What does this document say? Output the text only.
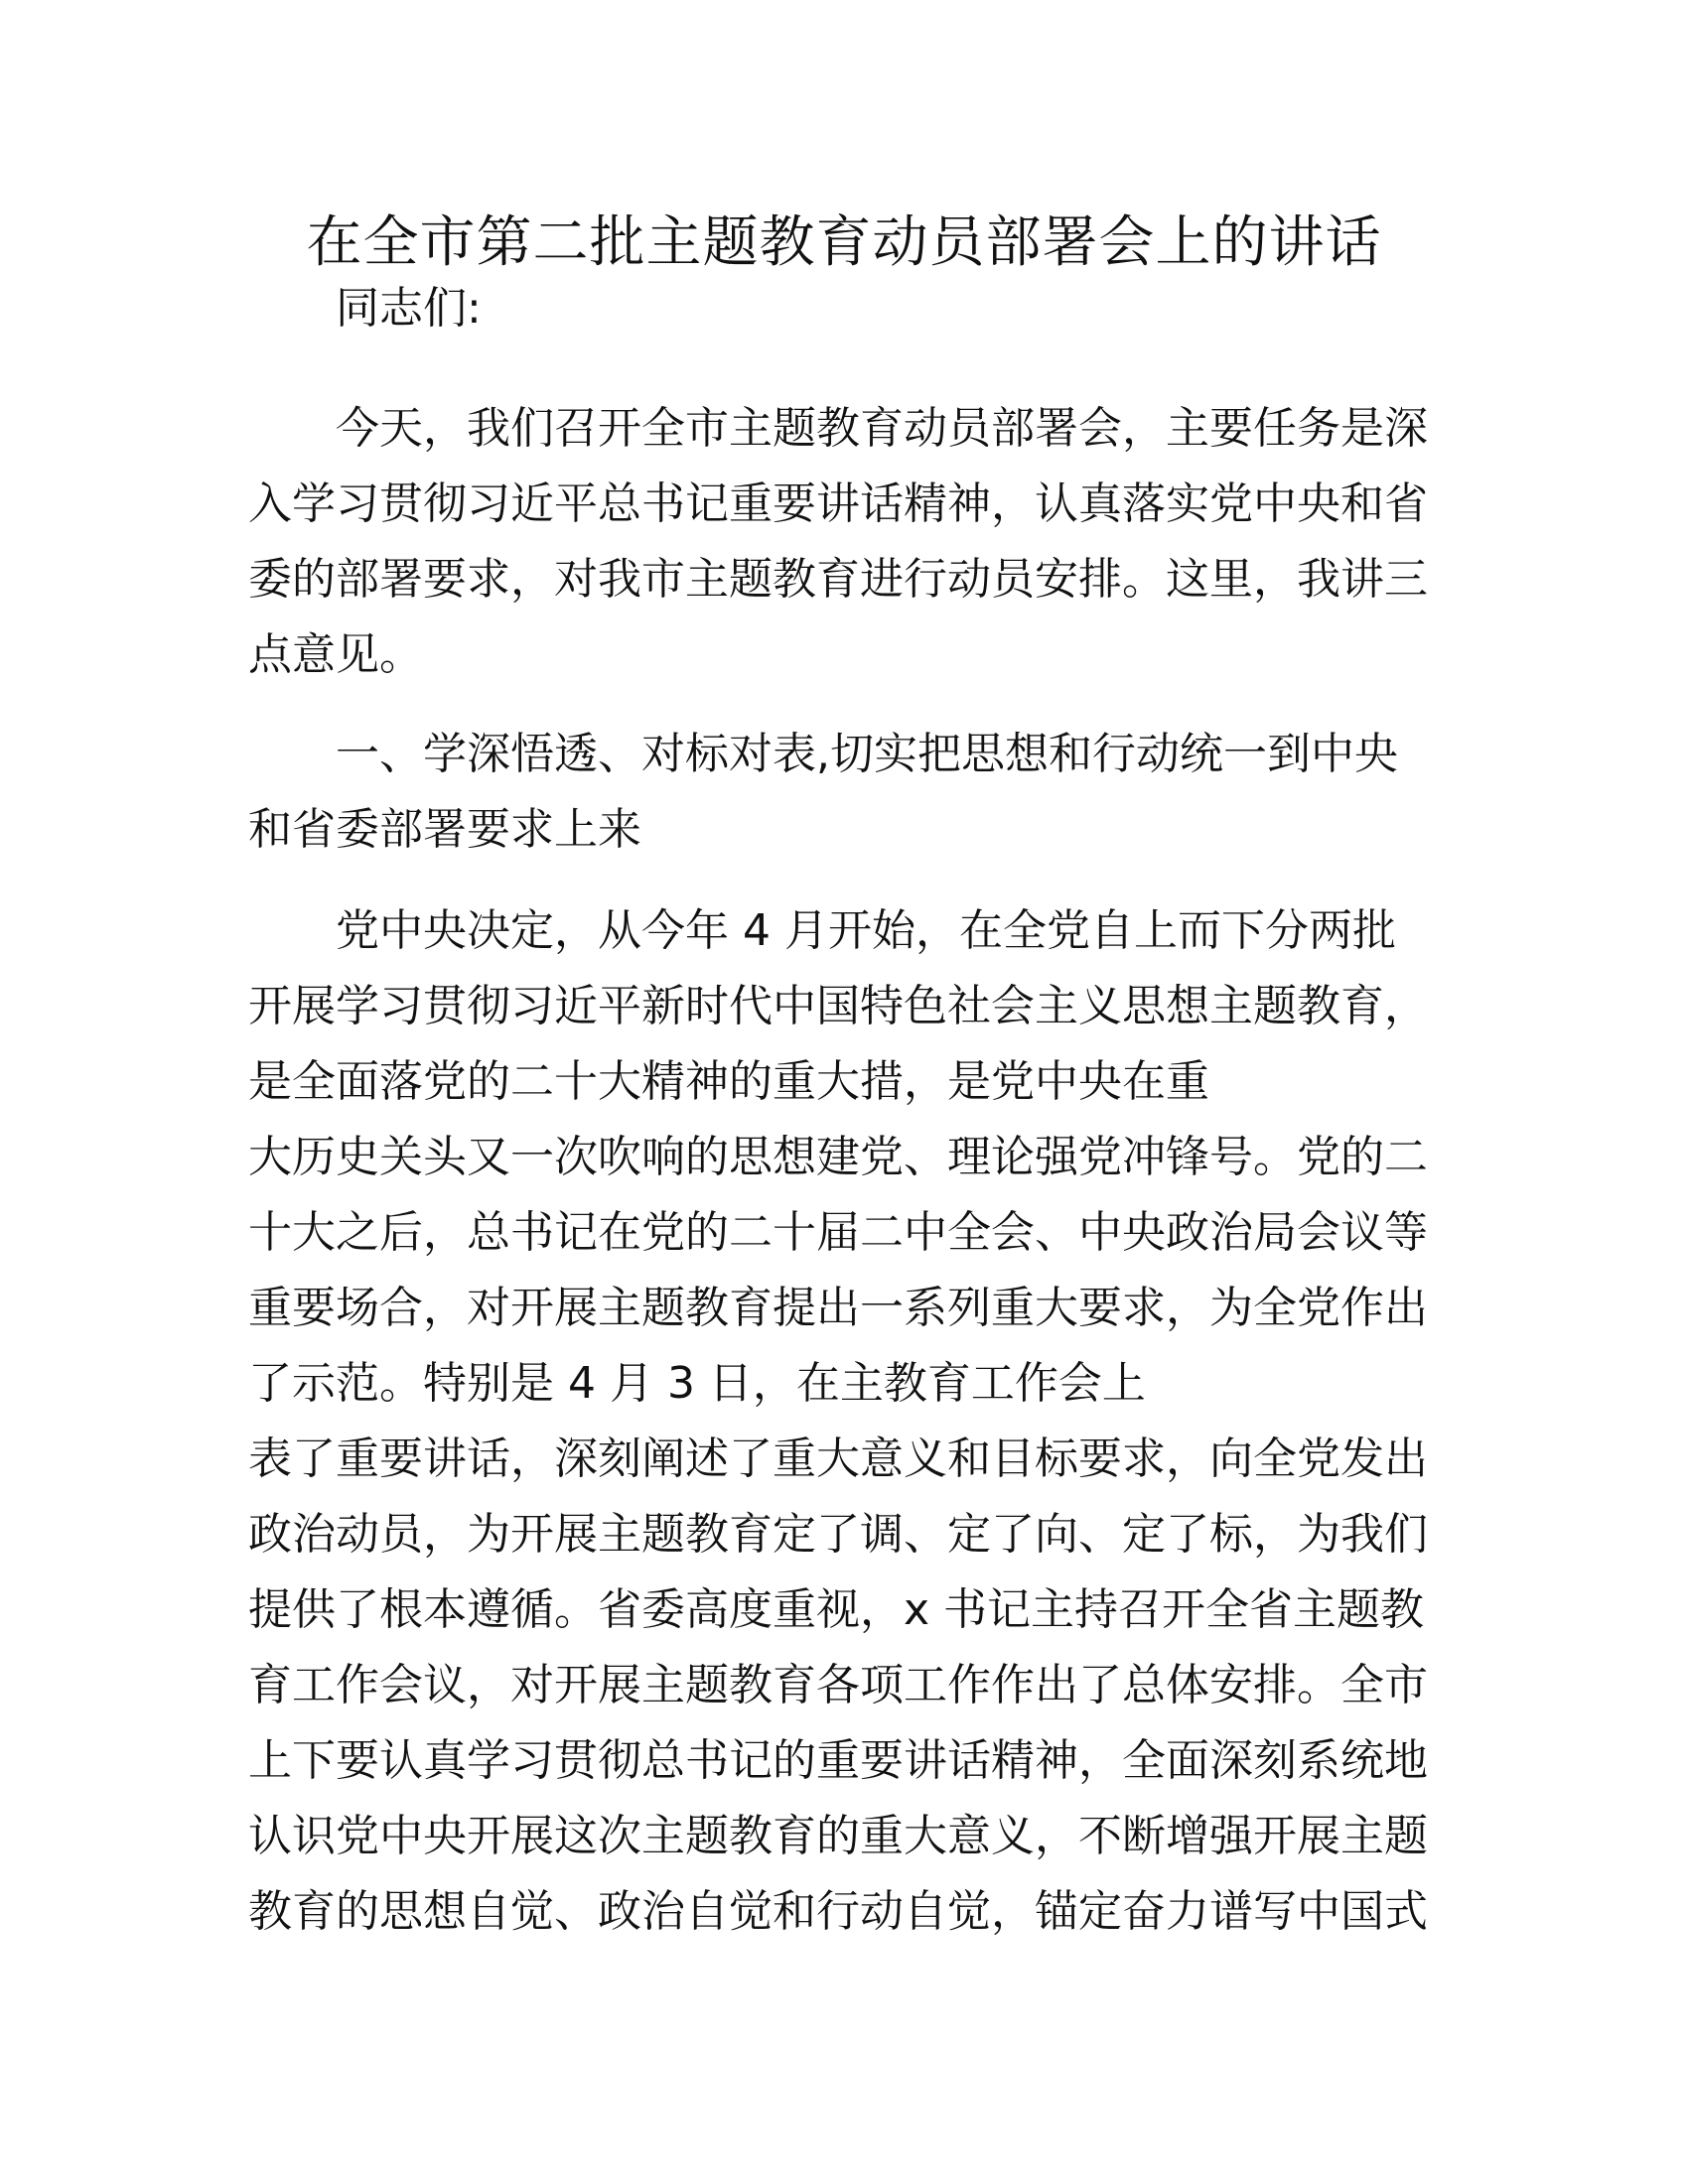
在全市第二批主题教育动员部署会上的讲话
同志们:
今天，我们召开全市主题教育动员部署会，主要任务是深
入学习贯彻习近平总书记重要讲话精神，认真落实党中央和省
委的部署要求，对我市主题教育进行动员安排。这里，我讲三
点意见。
一、学深悟透、对标对表,切实把思想和行动统一到中央
和省委部署要求上来
党中央决定，从今年 4 月开始，在全党自上而下分两批
开展学习贯彻习近平新时代中国特色社会主义思想主题教育，
是全面落党的二十大精神的重大措，是党中央在重
大历史关头又一次吹响的思想建党、理论强党冲锋号。党的二
十大之后，总书记在党的二十届二中全会、中央政治局会议等
重要场合，对开展主题教育提出一系列重大要求，为全党作出
了示范。特别是 4 月 3 日，在主教育工作会上
表了重要讲话，深刻阐述了重大意义和目标要求，向全党发出
政治动员，为开展主题教育定了调、定了向、定了标，为我们
提供了根本遵循。省委高度重视，x 书记主持召开全省主题教
育工作会议，对开展主题教育各项工作作出了总体安排。全市
上下要认真学习贯彻总书记的重要讲话精神，全面深刻系统地
认识党中央开展这次主题教育的重大意义，不断增强开展主题
教育的思想自觉、政治自觉和行动自觉，锚定奋力谱写中国式
